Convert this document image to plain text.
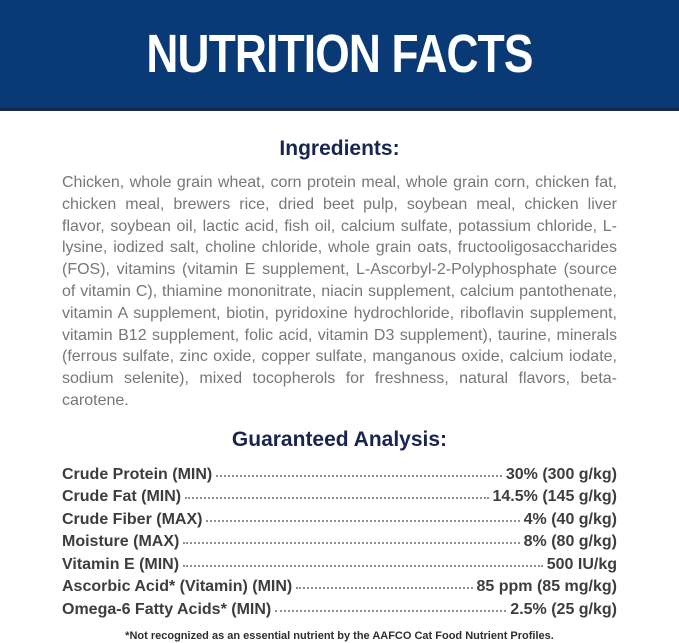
NUTRITION FACTS
Ingredients:

Chicken, whole grain wheat, corn protein meal, whole grain corn, chicken fat, chicken meal, brewers rice, dried beet pulp, soybean meal, chicken liver flavor, soybean oil, lactic acid, fish oil, calcium sulfate, potassium chloride, L-lysine, iodized salt, choline chloride, whole grain oats, fructooligosaccharides (FOS), vitamins (vitamin E supplement, L-Ascorbyl-2-Polyphosphate (source of vitamin C), thiamine mononitrate, niacin supplement, calcium pantothenate, vitamin A supplement, biotin, pyridoxine hydrochloride, riboflavin supplement, vitamin B12 supplement, folic acid, vitamin D3 supplement), taurine, minerals (ferrous sulfate, zinc oxide, copper sulfate, manganous oxide, calcium iodate, sodium selenite), mixed tocopherols for freshness, natural flavors, beta-carotene.

Guaranteed Analysis:
Crude Protein (MIN)	30% (300 g/kg)
Crude Fat (MIN)	14.5% (145 g/kg)
Crude Fiber (MAX)	4% (40 g/kg)
Moisture (MAX)	8% (80 g/kg)
Vitamin E (MIN)	500 IU/kg
Ascorbic Acid* (Vitamin) (MIN)	85 ppm (85 mg/kg)
Omega-6 Fatty Acids* (MIN)	2.5% (25 g/kg)
*Not recognized as an essential nutrient by the AAFCO Cat Food Nutrient Profiles.
